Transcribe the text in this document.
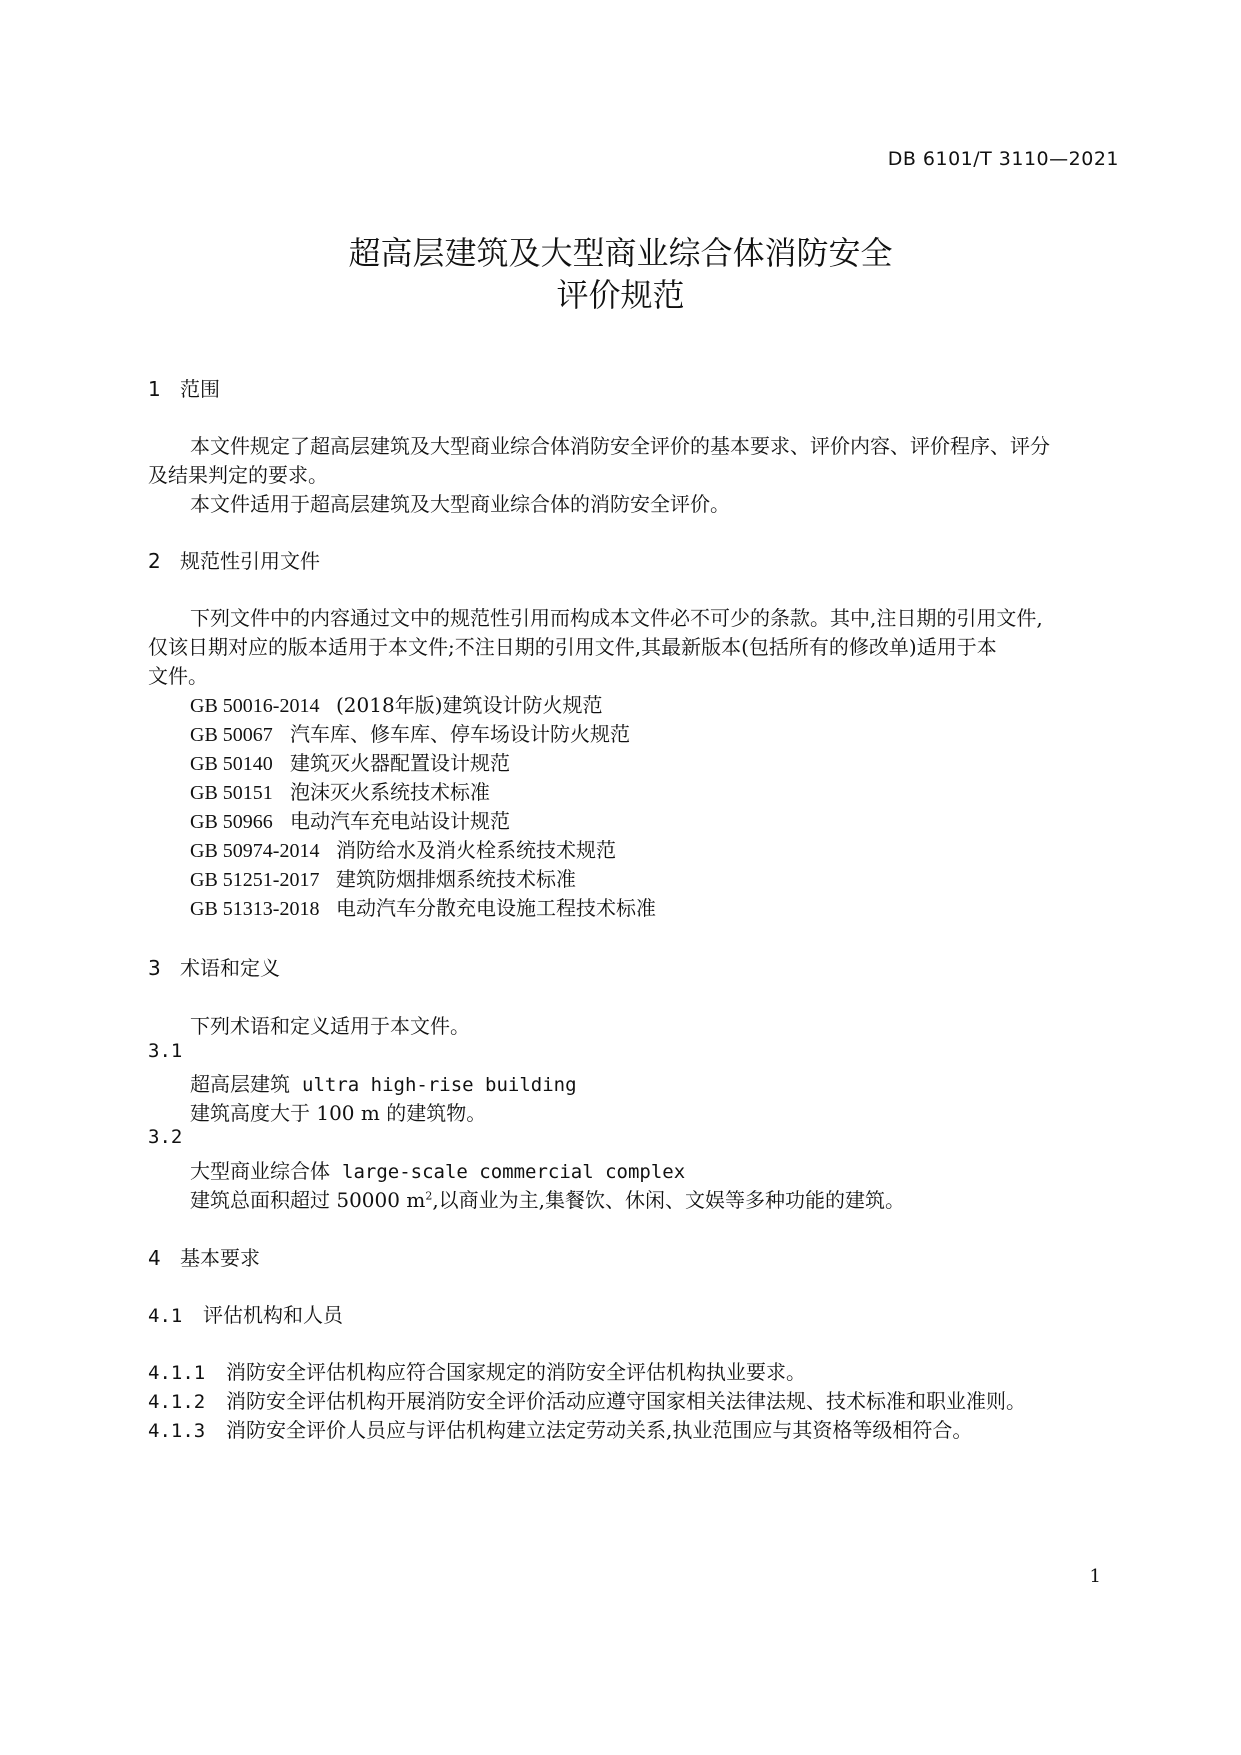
DB 6101/T 3110—2021
超高层建筑及大型商业综合体消防安全
评价规范
1 范围
本文件规定了超高层建筑及大型商业综合体消防安全评价的基本要求、评价内容、评价程序、评分
及结果判定的要求。
本文件适用于超高层建筑及大型商业综合体的消防安全评价。
2 规范性引用文件
下列文件中的内容通过文中的规范性引用而构成本文件必不可少的条款。其中,注日期的引用文件,
仅该日期对应的版本适用于本文件;不注日期的引用文件,其最新版本(包括所有的修改单)适用于本
文件。
GB 50016-2014 (2018年版)建筑设计防火规范
GB 50067 汽车库、修车库、停车场设计防火规范
GB 50140 建筑灭火器配置设计规范
GB 50151 泡沫灭火系统技术标准
GB 50966 电动汽车充电站设计规范
GB 50974-2014 消防给水及消火栓系统技术规范
GB 51251-2017 建筑防烟排烟系统技术标准
GB 51313-2018 电动汽车分散充电设施工程技术标准
3 术语和定义
下列术语和定义适用于本文件。
3.1
超高层建筑 ultra high-rise building
建筑高度大于 100 m 的建筑物。
3.2
大型商业综合体 large-scale commercial complex
建筑总面积超过 50000 $m^2$,以商业为主,集餐饮、休闲、文娱等多种功能的建筑。
4 基本要求
4.1 评估机构和人员
4.1.1 消防安全评估机构应符合国家规定的消防安全评估机构执业要求。
4.1.2 消防安全评估机构开展消防安全评价活动应遵守国家相关法律法规、技术标准和职业准则。
4.1.3 消防安全评价人员应与评估机构建立法定劳动关系,执业范围应与其资格等级相符合。
1
